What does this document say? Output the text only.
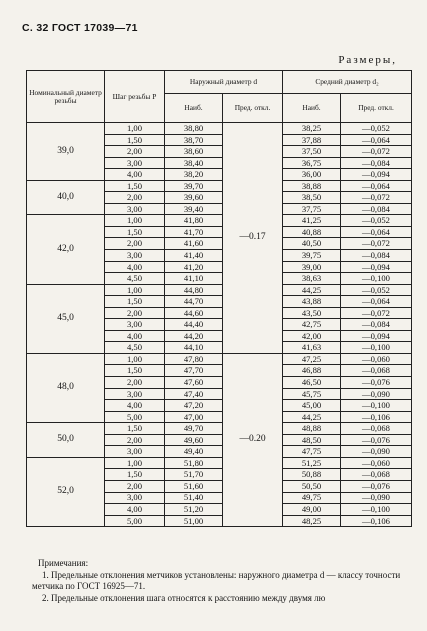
С. 32 ГОСТ 17039—71
Размеры,
Номинальный диаметр резьбы	Шаг резьбы P	Наружный диаметр d		Средний диаметр d₂	
		Наиб.	Пред. откл.	Наиб.	Пред. откл.
39,0	1,00	38,80	—0.17	38,25	—0,052
	1,50	38,70		37,88	—0,064
	2,00	38,60		37,50	—0,072
	3,00	38,40		36,75	—0,084
	4,00	38,20		36,00	—0,094
40,0	1,50	39,70		38,88	—0,064
	2,00	39,60		38,50	—0,072
	3,00	39,40		37,75	—0,084
42,0	1,00	41,80		41,25	—0,052
	1,50	41,70		40,88	—0,064
	2,00	41,60		40,50	—0,072
	3,00	41,40		39,75	—0,084
	4,00	41,20		39,00	—0,094
	4,50	41,10		38,63	—0,100
45,0	1,00	44,80		44,25	—0,052
	1,50	44,70		43,88	—0,064
	2,00	44,60		43,50	—0,072
	3,00	44,40		42,75	—0,084
	4,00	44,20		42,00	—0,094
	4,50	44,10		41,63	—0,100
48,0	1,00	47,80	—0.20	47,25	—0,060
	1,50	47,70		46,88	—0,068
	2,00	47,60		46,50	—0,076
	3,00	47,40		45,75	—0,090
	4,00	47,20		45,00	—0,100
	5,00	47,00		44,25	—0,106
50,0	1,50	49,70		48,88	—0,068
	2,00	49,60		48,50	—0,076
	3,00	49,40		47,75	—0,090
52,0	1,00	51,80		51,25	—0,060
	1,50	51,70		50,88	—0,068
	2,00	51,60		50,50	—0,076
	3,00	51,40		49,75	—0,090
	4,00	51,20		49,00	—0,100
	5,00	51,00		48,25	—0,106
Примечания:

1. Предельные отклонения метчиков установлены: наружного диаметра d — классу точности метчика по ГОСТ 16925—71.

2. Предельные отклонения шага относятся к расстоянию между двумя лю
